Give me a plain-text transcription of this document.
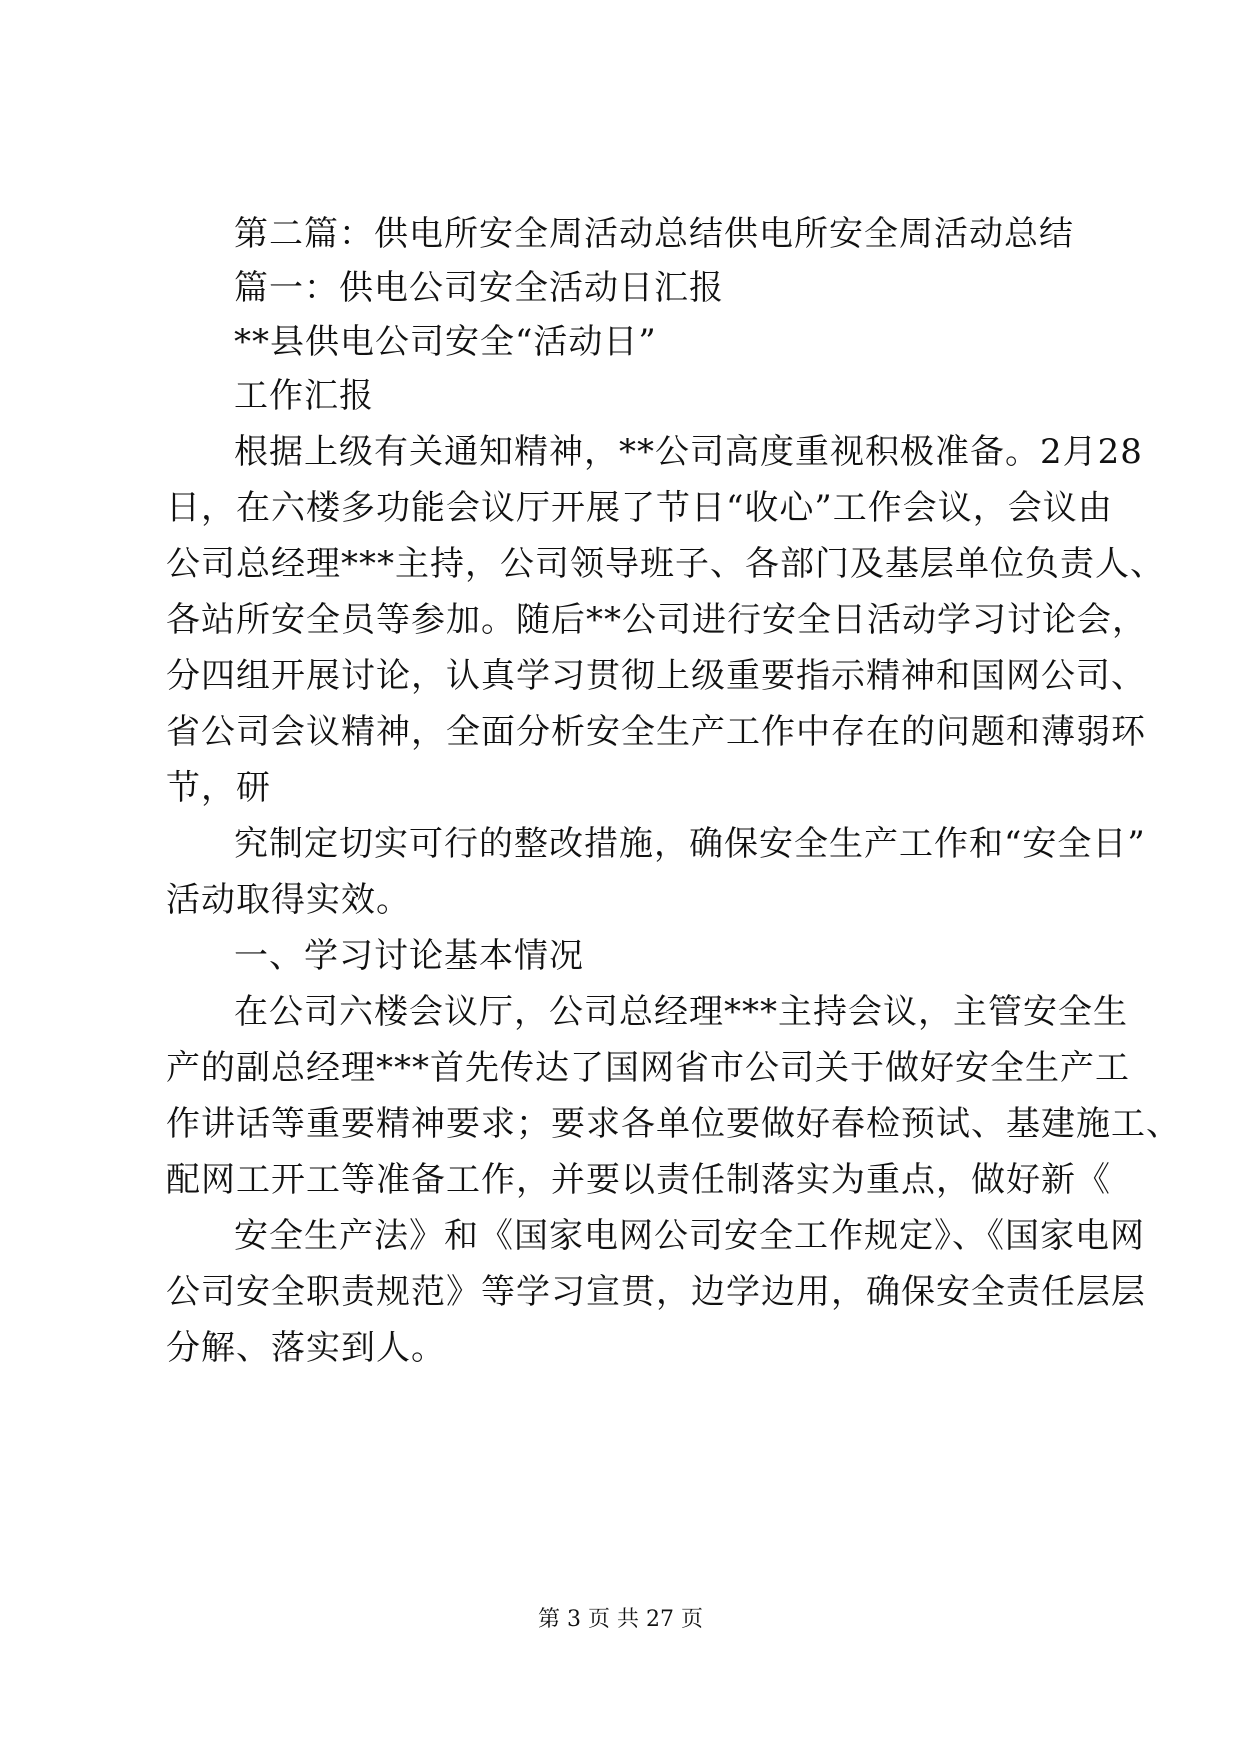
第二篇：供电所安全周活动总结供电所安全周活动总结
篇一：供电公司安全活动日汇报
**县供电公司安全“活动日”
工作汇报
根据上级有关通知精神，**公司高度重视积极准备。2月28
日，在六楼多功能会议厅开展了节日“收心”工作会议，会议由
公司总经理***主持，公司领导班子、各部门及基层单位负责人、
各站所安全员等参加。随后**公司进行安全日活动学习讨论会，
分四组开展讨论，认真学习贯彻上级重要指示精神和国网公司、
省公司会议精神，全面分析安全生产工作中存在的问题和薄弱环
节，研
究制定切实可行的整改措施，确保安全生产工作和“安全日”
活动取得实效。
一、学习讨论基本情况
在公司六楼会议厅，公司总经理***主持会议，主管安全生
产的副总经理***首先传达了国网省市公司关于做好安全生产工
作讲话等重要精神要求；要求各单位要做好春检预试、基建施工、
配网工开工等准备工作，并要以责任制落实为重点，做好新《
安全生产法》和《国家电网公司安全工作规定》、《国家电网
公司安全职责规范》等学习宣贯，边学边用，确保安全责任层层
分解、落实到人。
第 3 页 共 27 页
